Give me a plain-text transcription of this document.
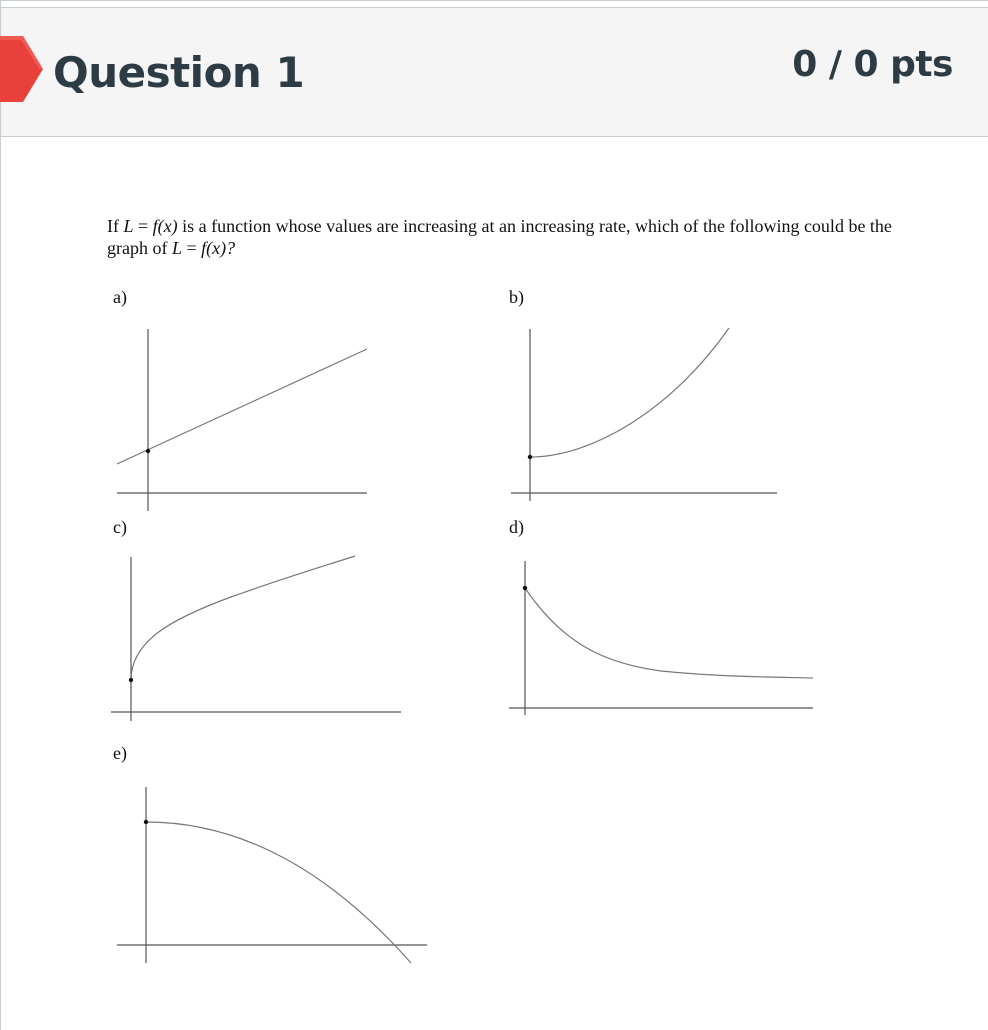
Question 1	0 / 0 pts
If L = f(x) is a function whose values are increasing at an increasing rate, which of the following could be the graph of L = f(x)?
a)	b)
c)	d)
e)
